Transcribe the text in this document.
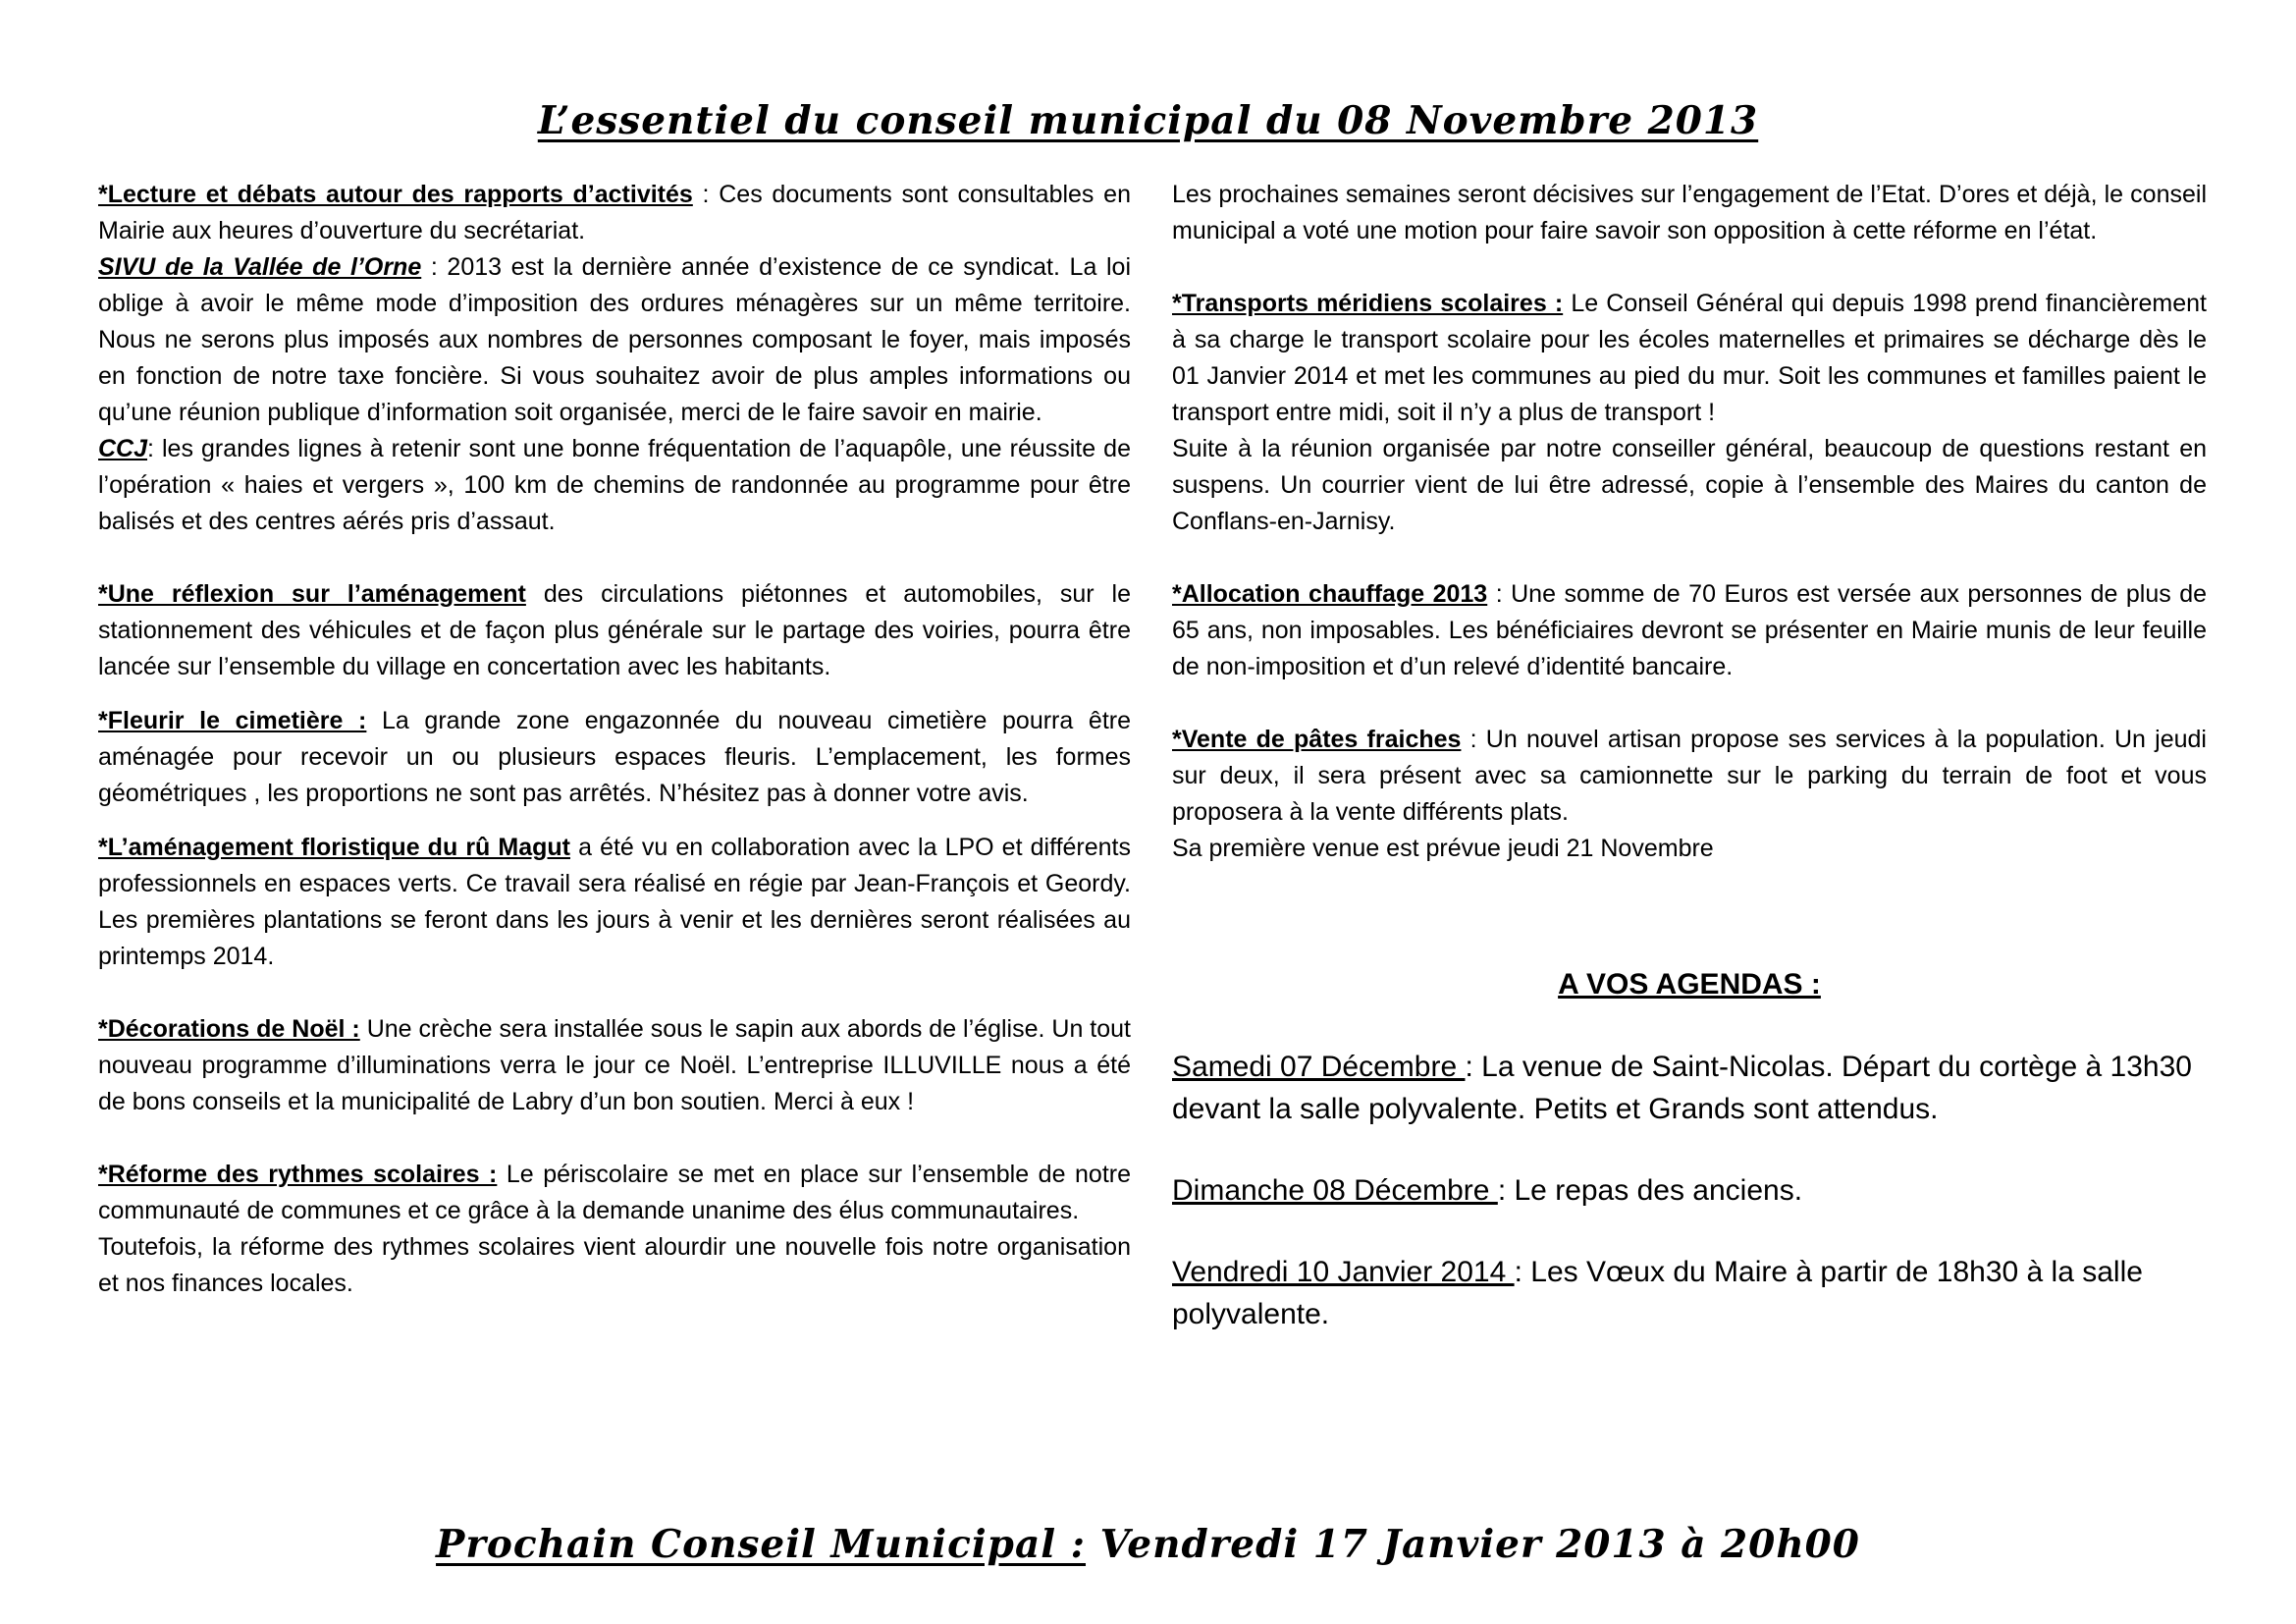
L’essentiel du conseil municipal du 08 Novembre 2013

*Lecture et débats autour des rapports d’activités : Ces documents sont consultables en Mairie aux heures d’ouverture du secrétariat.
SIVU de la Vallée de l’Orne : 2013 est la dernière année d’existence de ce syndicat. La loi oblige à avoir le même mode d’imposition des ordures ménagères sur un même territoire. Nous ne serons plus imposés aux nombres de personnes composant le foyer, mais imposés en fonction de notre taxe foncière. Si vous souhaitez avoir de plus amples informations ou qu’une réunion publique d’information soit organisée, merci de le faire savoir en mairie.
CCJ: les grandes lignes à retenir sont une bonne fréquentation de l’aquapôle, une réussite de l’opération « haies et vergers », 100 km de chemins de randonnée au programme pour être balisés et des centres aérés pris d’assaut.

*Une réflexion sur l’aménagement des circulations piétonnes et automobiles, sur le stationnement des véhicules et de façon plus générale sur le partage des voiries, pourra être lancée sur l’ensemble du village en concertation avec les habitants.

*Fleurir le cimetière : La grande zone engazonnée du nouveau cimetière pourra être aménagée pour recevoir un ou plusieurs espaces fleuris. L’emplacement, les formes géométriques , les proportions ne sont pas arrêtés. N’hésitez pas à donner votre avis.

*L’aménagement floristique du rû Magut a été vu en collaboration avec la LPO et différents professionnels en espaces verts. Ce travail sera réalisé en régie par Jean-François et Geordy. Les premières plantations se feront dans les jours à venir et les dernières seront réalisées au printemps 2014.

*Décorations de Noël : Une crèche sera installée sous le sapin aux abords de l’église. Un tout nouveau programme d’illuminations verra le jour ce Noël. L’entreprise ILLUVILLE nous a été de bons conseils et la municipalité de Labry d’un bon soutien. Merci à eux !

*Réforme des rythmes scolaires : Le périscolaire se met en place sur l’ensemble de notre communauté de communes et ce grâce à la demande unanime des élus communautaires.
Toutefois, la réforme des rythmes scolaires vient alourdir une nouvelle fois notre organisation et nos finances locales.

Les prochaines semaines seront décisives sur l’engagement de l’Etat. D’ores et déjà, le conseil municipal a voté une motion pour faire savoir son opposition à cette réforme en l’état.

*Transports méridiens scolaires : Le Conseil Général qui depuis 1998 prend financièrement à sa charge le transport scolaire pour les écoles maternelles et primaires se décharge dès le 01 Janvier 2014 et met les communes au pied du mur. Soit les communes et familles paient le transport entre midi, soit il n’y a plus de transport !
Suite à la réunion organisée par notre conseiller général, beaucoup de questions restant en suspens. Un courrier vient de lui être adressé, copie à l’ensemble des Maires du canton de Conflans-en-Jarnisy.

*Allocation chauffage 2013 : Une somme de 70 Euros est versée aux personnes de plus de 65 ans, non imposables. Les bénéficiaires devront se présenter en Mairie munis de leur feuille de non-imposition et d’un relevé d’identité bancaire.

*Vente de pâtes fraiches : Un nouvel artisan propose ses services à la population. Un jeudi sur deux, il sera présent avec sa camionnette sur le parking du terrain de foot et vous proposera à la vente différents plats.
Sa première venue est prévue jeudi 21 Novembre

A VOS AGENDAS :

Samedi 07 Décembre : La venue de Saint-Nicolas. Départ du cortège à 13h30 devant la salle polyvalente. Petits et Grands sont attendus.

Dimanche 08 Décembre : Le repas des anciens.

Vendredi 10 Janvier 2014 : Les Vœux du Maire à partir de 18h30 à la salle polyvalente.

Prochain Conseil Municipal : Vendredi 17 Janvier 2013 à 20h00
